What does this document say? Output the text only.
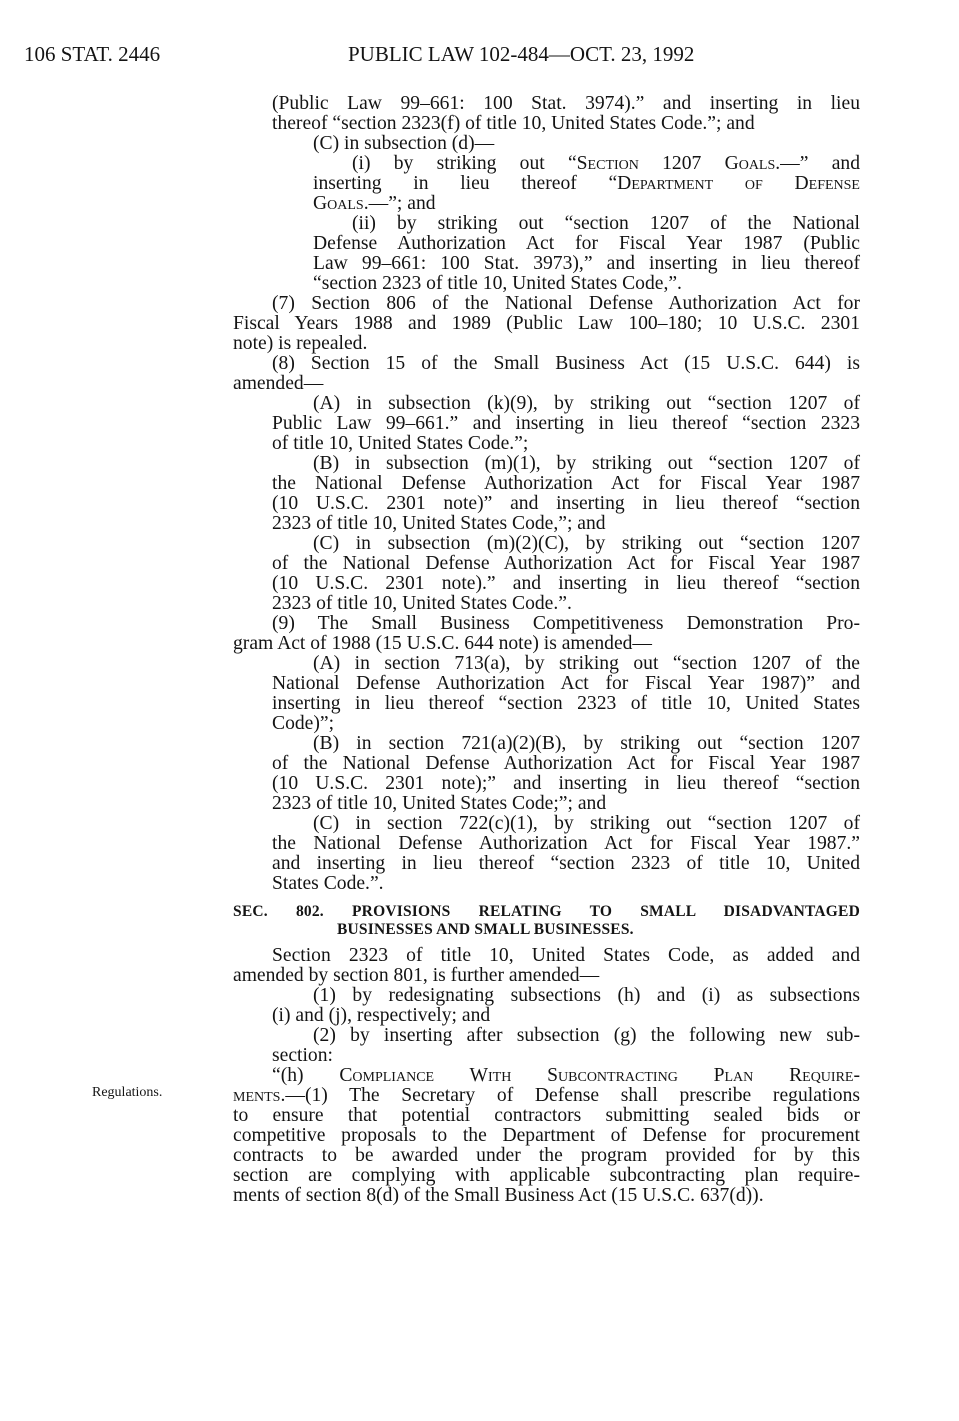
106 STAT. 2446	PUBLIC LAW 102-484—OCT. 23, 1992
Regulations.
(Public Law 99–661: 100 Stat. 3974).” and inserting in lieu
thereof “section 2323(f) of title 10, United States Code.”; and
(C) in subsection (d)—
(i) by striking out “Section 1207 Goals.—” and
inserting in lieu thereof “Department of Defense
Goals.—”; and
(ii) by striking out “section 1207 of the National
Defense Authorization Act for Fiscal Year 1987 (Public
Law 99–661: 100 Stat. 3973),” and inserting in lieu thereof
“section 2323 of title 10, United States Code,”.
(7) Section 806 of the National Defense Authorization Act for
Fiscal Years 1988 and 1989 (Public Law 100–180; 10 U.S.C. 2301
note) is repealed.
(8) Section 15 of the Small Business Act (15 U.S.C. 644) is
amended—
(A) in subsection (k)(9), by striking out “section 1207 of
Public Law 99–661.” and inserting in lieu thereof “section 2323
of title 10, United States Code.”;
(B) in subsection (m)(1), by striking out “section 1207 of
the National Defense Authorization Act for Fiscal Year 1987
(10 U.S.C. 2301 note)” and inserting in lieu thereof “section
2323 of title 10, United States Code,”; and
(C) in subsection (m)(2)(C), by striking out “section 1207
of the National Defense Authorization Act for Fiscal Year 1987
(10 U.S.C. 2301 note).” and inserting in lieu thereof “section
2323 of title 10, United States Code.”.
(9) The Small Business Competitiveness Demonstration Pro-
gram Act of 1988 (15 U.S.C. 644 note) is amended—
(A) in section 713(a), by striking out “section 1207 of the
National Defense Authorization Act for Fiscal Year 1987)” and
inserting in lieu thereof “section 2323 of title 10, United States
Code)”;
(B) in section 721(a)(2)(B), by striking out “section 1207
of the National Defense Authorization Act for Fiscal Year 1987
(10 U.S.C. 2301 note);” and inserting in lieu thereof “section
2323 of title 10, United States Code;”; and
(C) in section 722(c)(1), by striking out “section 1207 of
the National Defense Authorization Act for Fiscal Year 1987.”
and inserting in lieu thereof “section 2323 of title 10, United
States Code.”.
SEC. 802. PROVISIONS RELATING TO SMALL DISADVANTAGED
BUSINESSES AND SMALL BUSINESSES.
Section 2323 of title 10, United States Code, as added and
amended by section 801, is further amended—
(1) by redesignating subsections (h) and (i) as subsections
(i) and (j), respectively; and
(2) by inserting after subsection (g) the following new sub-
section:
“(h) Compliance With Subcontracting Plan Require-
ments.—(1) The Secretary of Defense shall prescribe regulations
to ensure that potential contractors submitting sealed bids or
competitive proposals to the Department of Defense for procurement
contracts to be awarded under the program provided for by this
section are complying with applicable subcontracting plan require-
ments of section 8(d) of the Small Business Act (15 U.S.C. 637(d)).
